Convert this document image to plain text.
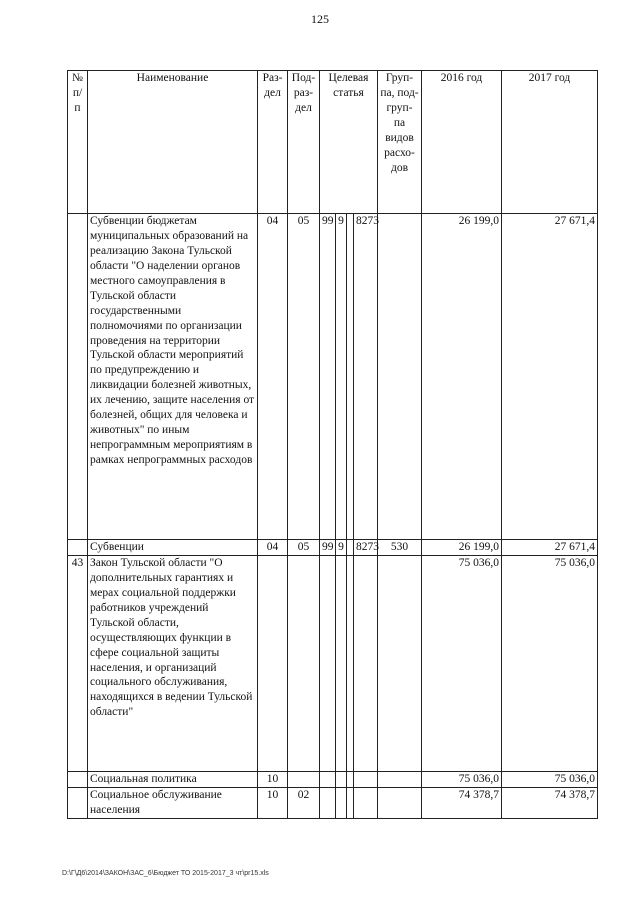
125
№ п/п	Наименование	Раз- дел	Под- раз- дел	Целевая статья				Груп- па, под- груп- па видов расхо- дов	2016 год	2017 год
	Субвенции бюджетам муниципальных образований на реализацию Закона Тульской области "О наделении органов местного самоуправления в Тульской области государственными полномочиями по организации проведения на территории Тульской области мероприятий по предупреждению и ликвидации болезней животных, их лечению, защите населения от болезней, общих для человека и животных" по иным непрограммным мероприятиям в рамках непрограммных расходов	04	05	99	9		8273		26 199,0	27 671,4
	Субвенции	04	05	99	9		8273	530	26 199,0	27 671,4
43	Закон Тульской области "О дополнительных гарантиях и мерах социальной поддержки работников учреждений Тульской области, осуществляющих функции в сфере социальной защиты населения, и организаций социального обслуживания, находящихся в ведении Тульской области"								75 036,0	75 036,0
	Социальная политика	10							75 036,0	75 036,0
	Социальное обслуживание населения	10	02						74 378,7	74 378,7
D:\Г\Д6\2014\ЗАКОН\ЗАС_6\Бюджет ТО 2015-2017_3 чт\pr15.xls
